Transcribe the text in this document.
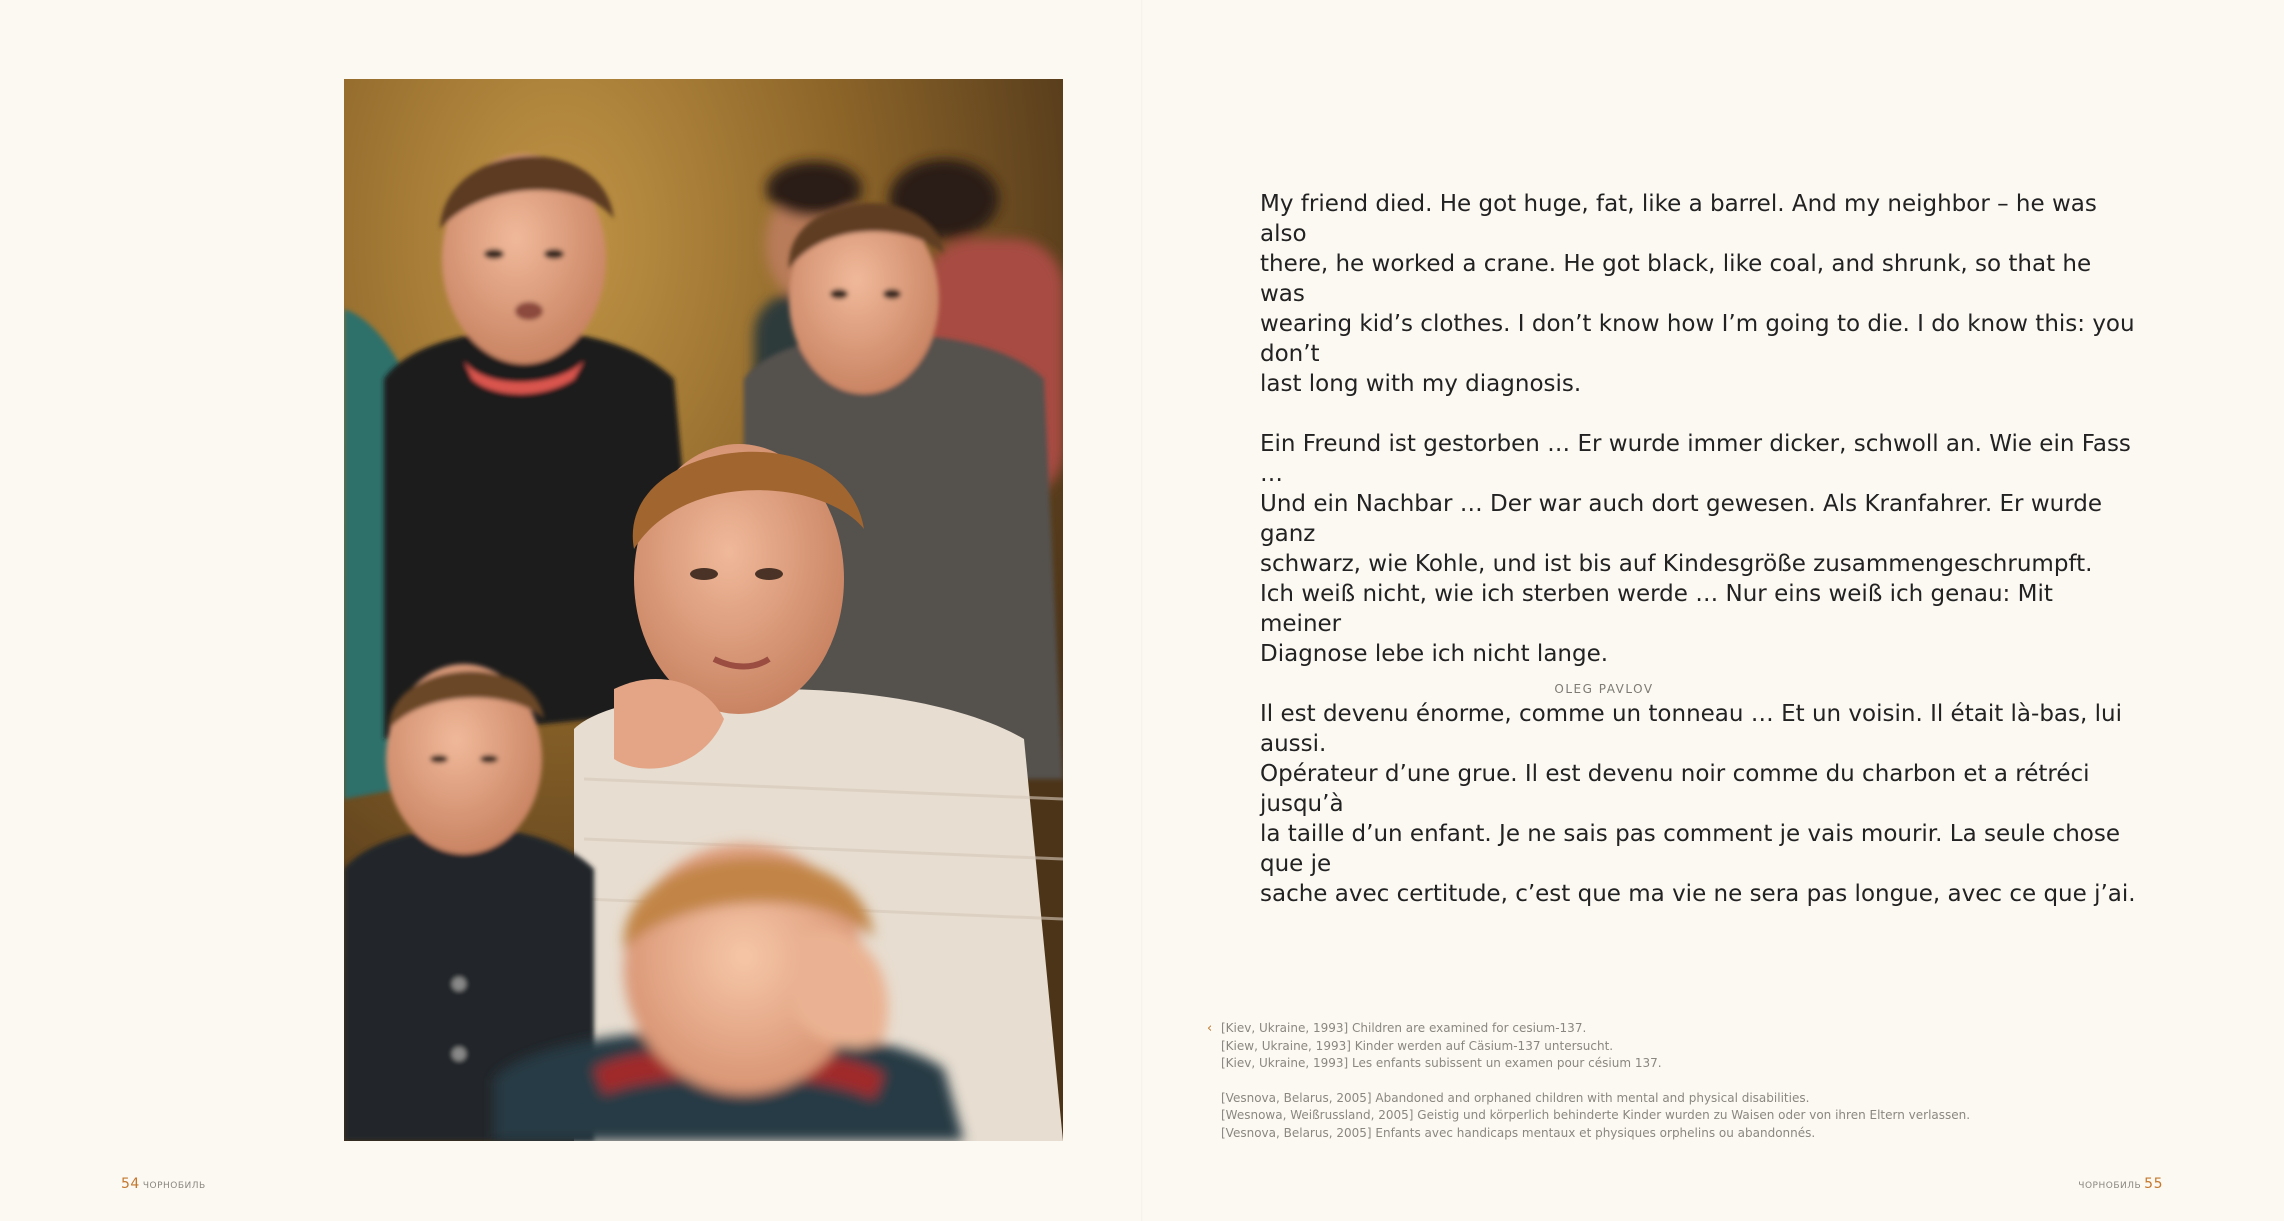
My friend died. He got huge, fat, like a barrel. And my neighbor – he was also
there, he worked a crane. He got black, like coal, and shrunk, so that he was
wearing kid’s clothes. I don’t know how I’m going to die. I do know this: you don’t
last long with my diagnosis.

Ein Freund ist gestorben … Er wurde immer dicker, schwoll an. Wie ein Fass …
Und ein Nachbar … Der war auch dort gewesen. Als Kranfahrer. Er wurde ganz
schwarz, wie Kohle, und ist bis auf Kindesgröße zusammengeschrumpft.
Ich weiß nicht, wie ich sterben werde … Nur eins weiß ich genau: Mit meiner
Diagnose lebe ich nicht lange.

Il est devenu énorme, comme un tonneau … Et un voisin. Il était là-bas, lui aussi.
Opérateur d’une grue. Il est devenu noir comme du charbon et a rétréci jusqu’à
la taille d’un enfant. Je ne sais pas comment je vais mourir. La seule chose que je
sache avec certitude, c’est que ma vie ne sera pas longue, avec ce que j’ai.

OLEG PAVLOV
‹ [Kiev, Ukraine, 1993] Children are examined for cesium-137.
[Kiew, Ukraine, 1993] Kinder werden auf Cäsium-137 untersucht.
[Kiev, Ukraine, 1993] Les enfants subissent un examen pour césium 137.
[Vesnova, Belarus, 2005] Abandoned and orphaned children with mental and physical disabilities.
[Wesnowa, Weißrussland, 2005] Geistig und körperlich behinderte Kinder wurden zu Waisen oder von ihren Eltern verlassen.
[Vesnova, Belarus, 2005] Enfants avec handicaps mentaux et physiques orphelins ou abandonnés.
54 ЧОРНОБИЛЬ	ЧОРНОБИЛЬ 55
